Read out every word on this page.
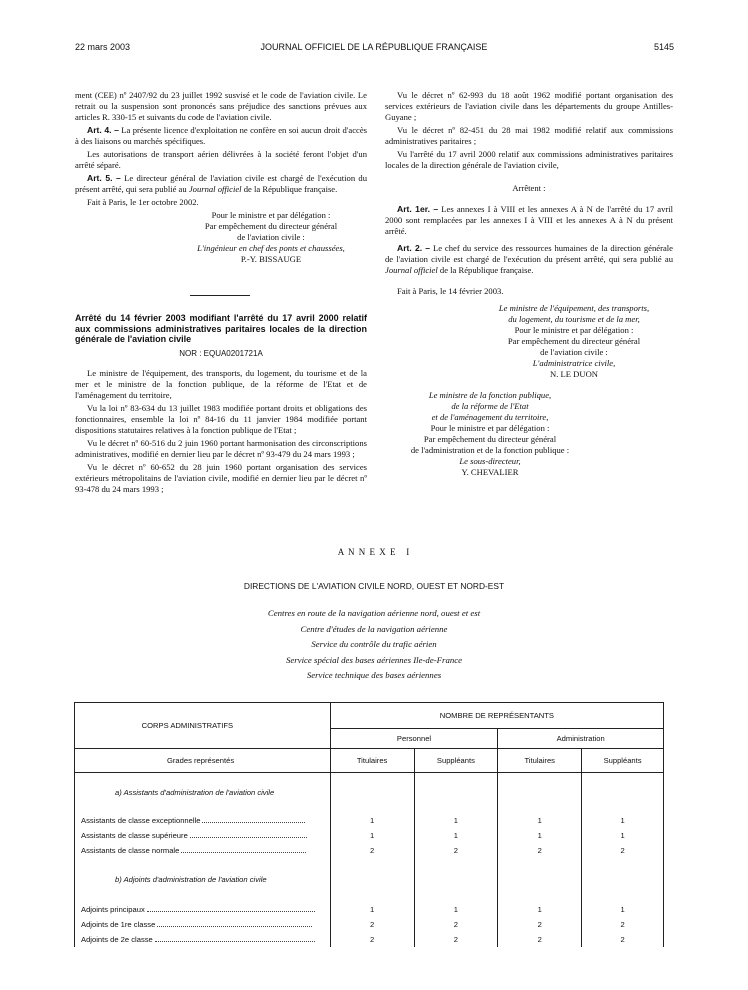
22 mars 2003	JOURNAL OFFICIEL DE LA RÉPUBLIQUE FRANÇAISE	5145

ment (CEE) nº 2407/92 du 23 juillet 1992 susvisé et le code de l'aviation civile. Le retrait ou la suspension sont prononcés sans préjudice des sanctions prévues aux articles R. 330-15 et suivants du code de l'aviation civile.

Art. 4. – La présente licence d'exploitation ne confère en soi aucun droit d'accès à des liaisons ou marchés spécifiques.

Les autorisations de transport aérien délivrées à la société feront l'objet d'un arrêté séparé.

Art. 5. – Le directeur général de l'aviation civile est chargé de l'exécution du présent arrêté, qui sera publié au Journal officiel de la République française.

Fait à Paris, le 1er octobre 2002.

Pour le ministre et par délégation :
Par empêchement du directeur général
de l'aviation civile :
L'ingénieur en chef des ponts et chaussées,
P.-Y. BISSAUGE
Arrêté du 14 février 2003 modifiant l'arrêté du 17 avril 2000 relatif aux commissions administratives paritaires locales de la direction générale de l'aviation civile
NOR : EQUA0201721A

Le ministre de l'équipement, des transports, du logement, du tourisme et de la mer et le ministre de la fonction publique, de la réforme de l'Etat et de l'aménagement du territoire,

Vu la loi nº 83-634 du 13 juillet 1983 modifiée portant droits et obligations des fonctionnaires, ensemble la loi nº 84-16 du 11 janvier 1984 modifiée portant dispositions statutaires relatives à la fonction publique de l'Etat ;

Vu le décret nº 60-516 du 2 juin 1960 portant harmonisation des circonscriptions administratives, modifié en dernier lieu par le décret nº 93-479 du 24 mars 1993 ;

Vu le décret nº 60-652 du 28 juin 1960 portant organisation des services extérieurs métropolitains de l'aviation civile, modifié en dernier lieu par le décret nº 93-478 du 24 mars 1993 ;

Vu le décret nº 62-993 du 18 août 1962 modifié portant organisation des services extérieurs de l'aviation civile dans les départements du groupe Antilles-Guyane ;

Vu le décret nº 82-451 du 28 mai 1982 modifié relatif aux commissions administratives paritaires ;

Vu l'arrêté du 17 avril 2000 relatif aux commissions administratives paritaires locales de la direction générale de l'aviation civile,

Arrêtent :

Art. 1er. – Les annexes I à VIII et les annexes A à N de l'arrêté du 17 avril 2000 sont remplacées par les annexes I à VIII et les annexes A à N du présent arrêté.

Art. 2. – Le chef du service des ressources humaines de la direction générale de l'aviation civile est chargé de l'exécution du présent arrêté, qui sera publié au Journal officiel de la République française.

Fait à Paris, le 14 février 2003.

Le ministre de l'équipement, des transports,
du logement, du tourisme et de la mer,
Pour le ministre et par délégation :
Par empêchement du directeur général
de l'aviation civile :
L'administratrice civile,
N. LE DUON
Le ministre de la fonction publique,
de la réforme de l'Etat
et de l'aménagement du territoire,
Pour le ministre et par délégation :
Par empêchement du directeur général
de l'administration et de la fonction publique :
Le sous-directeur,
Y. CHEVALIER
A N N E X E   I
DIRECTIONS DE L'AVIATION CIVILE NORD, OUEST ET NORD-EST
Centres en route de la navigation aérienne nord, ouest et est
Centre d'études de la navigation aérienne
Service du contrôle du trafic aérien
Service spécial des bases aériennes Ile-de-France
Service technique des bases aériennes
CORPS ADMINISTRATIFS	NOMBRE DE REPRÉSENTANTS			
	Personnel		Administration	
Grades représentés	Titulaires	Suppléants	Titulaires	Suppléants
a) Assistants d'administration de l'aviation civile				
Assistants de classe exceptionnelle	1	1	1	1
Assistants de classe supérieure	1	1	1	1
Assistants de classe normale	2	2	2	2
b) Adjoints d'administration de l'aviation civile				
Adjoints principaux	1	1	1	1
Adjoints de 1re classe	2	2	2	2
Adjoints de 2e classe	2	2	2	2
